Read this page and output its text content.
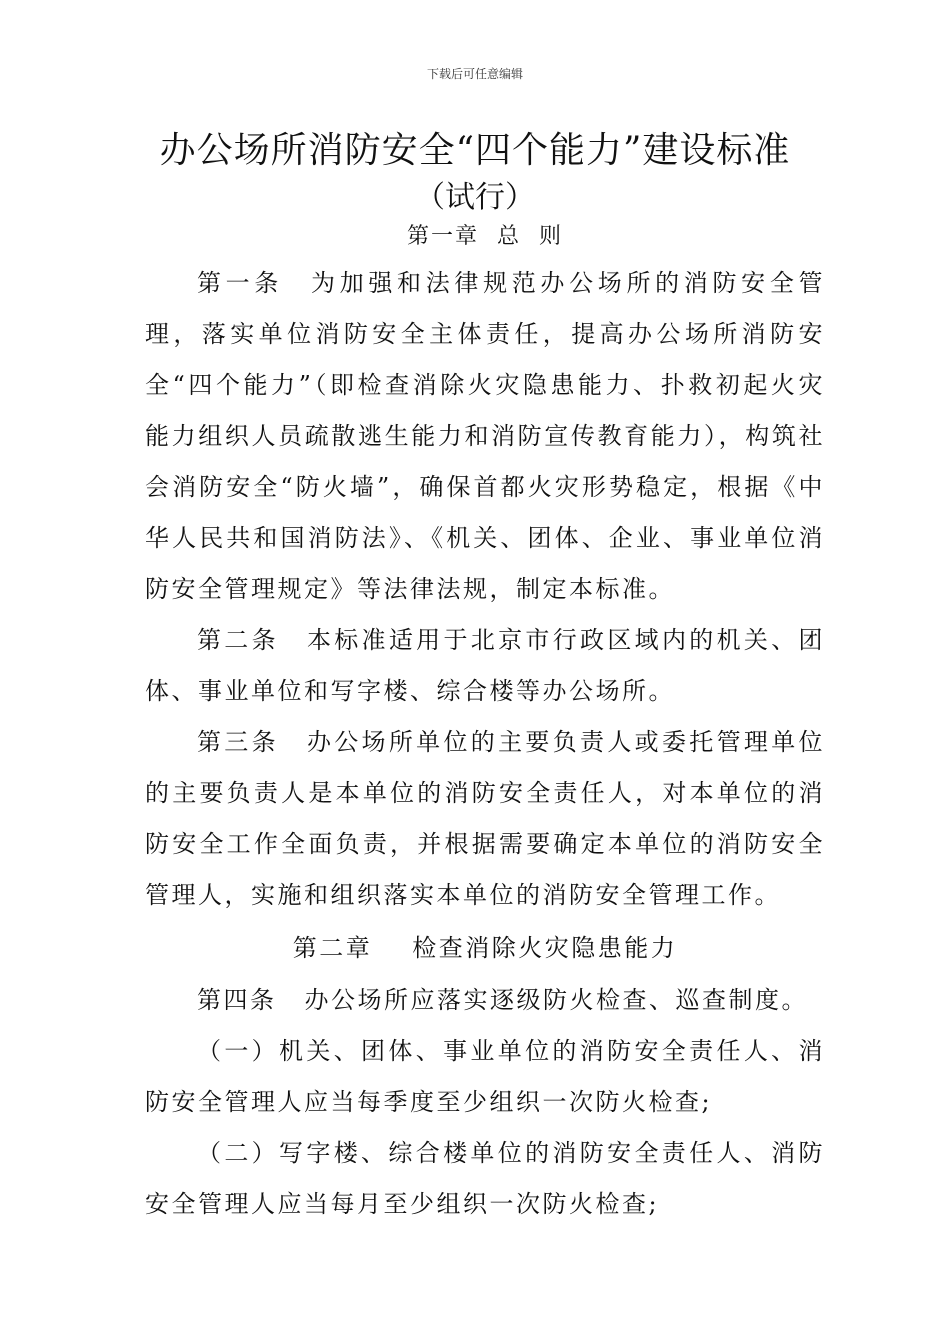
下载后可任意编辑
办公场所消防安全“四个能力”建设标准
（试行）
第一章 总 则

第一条 为加强和法律规范办公场所的消防安全管理，落实单位消防安全主体责任，提高办公场所消防安全“四个能力”（即检查消除火灾隐患能力、扑救初起火灾能力组织人员疏散逃生能力和消防宣传教育能力），构筑社会消防安全“防火墙”，确保首都火灾形势稳定，根据《中华人民共和国消防法》、《机关、团体、企业、事业单位消防安全管理规定》等法律法规，制定本标准。

第二条 本标准适用于北京市行政区域内的机关、团体、事业单位和写字楼、综合楼等办公场所。

第三条 办公场所单位的主要负责人或委托管理单位的主要负责人是本单位的消防安全责任人，对本单位的消防安全工作全面负责，并根据需要确定本单位的消防安全管理人，实施和组织落实本单位的消防安全管理工作。

第二章 检查消除火灾隐患能力

第四条 办公场所应落实逐级防火检查、巡查制度。

（一）机关、团体、事业单位的消防安全责任人、消防安全管理人应当每季度至少组织一次防火检查;

（二）写字楼、综合楼单位的消防安全责任人、消防安全管理人应当每月至少组织一次防火检查;
